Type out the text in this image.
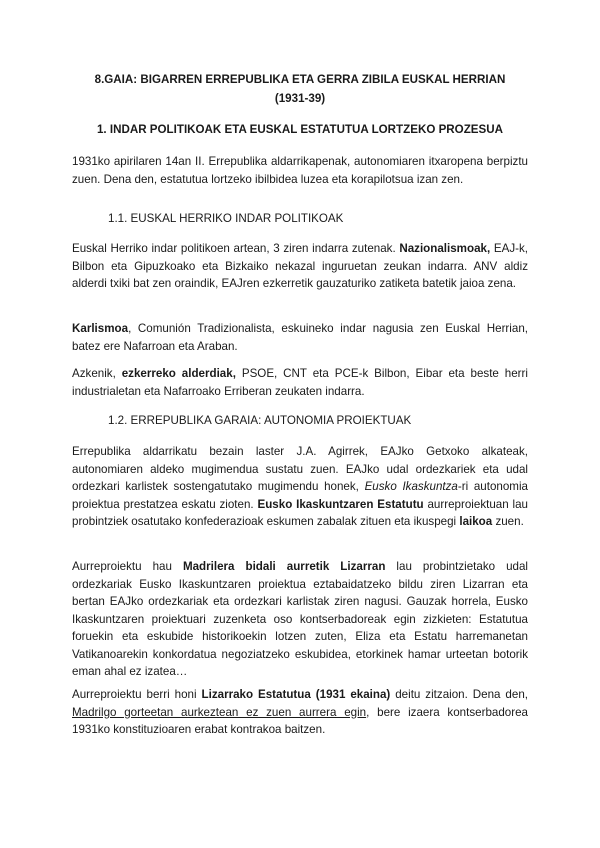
8.GAIA: BIGARREN ERREPUBLIKA ETA GERRA ZIBILA EUSKAL HERRIAN
(1931-39)
1. INDAR POLITIKOAK ETA EUSKAL ESTATUTUA LORTZEKO PROZESUA

1931ko apirilaren 14an II. Errepublika aldarrikapenak, autonomiaren itxaropena berpiztu zuen. Dena den, estatutua lortzeko ibilbidea luzea eta korapilotsua izan zen.

1.1. EUSKAL HERRIKO INDAR POLITIKOAK

Euskal Herriko indar politikoen artean, 3 ziren indarra zutenak. Nazionalismoak, EAJ-k, Bilbon eta Gipuzkoako eta Bizkaiko nekazal inguruetan zeukan indarra. ANV aldiz alderdi txiki bat zen oraindik, EAJren ezkerretik gauzaturiko zatiketa batetik jaioa zena.

Karlismoa, Comunión Tradizionalista, eskuineko indar nagusia zen Euskal Herrian, batez ere Nafarroan eta Araban.

Azkenik, ezkerreko alderdiak, PSOE, CNT eta PCE-k Bilbon, Eibar eta beste herri industrialetan eta Nafarroako Erriberan zeukaten indarra.

1.2. ERREPUBLIKA GARAIA: AUTONOMIA PROIEKTUAK

Errepublika aldarrikatu bezain laster J.A. Agirrek, EAJko Getxoko alkateak, autonomiaren aldeko mugimendua sustatu zuen. EAJko udal ordezkariek eta udal ordezkari karlistek sostengatutako mugimendu honek, Eusko Ikaskuntza-ri autonomia proiektua prestatzea eskatu zioten. Eusko Ikaskuntzaren Estatutu aurreproiektuan lau probintziek osatutako konfederazioak eskumen zabalak zituen eta ikuspegi laikoa zuen.

Aurreproiektu hau Madrilera bidali aurretik Lizarran lau probintzietako udal ordezkariak Eusko Ikaskuntzaren proiektua eztabaidatzeko bildu ziren Lizarran eta bertan EAJko ordezkariak eta ordezkari karlistak ziren nagusi. Gauzak horrela, Eusko Ikaskuntzaren proiektuari zuzenketa oso kontserbadoreak egin zizkieten: Estatutua foruekin eta eskubide historikoekin lotzen zuten, Eliza eta Estatu harremanetan Vatikanoarekin konkordatua negoziatzeko eskubidea, etorkinek hamar urteetan botorik eman ahal ez izatea…

Aurreproiektu berri honi Lizarrako Estatutua (1931 ekaina) deitu zitzaion. Dena den, Madrilgo gorteetan aurkeztean ez zuen aurrera egin, bere izaera kontserbadorea 1931ko konstituzioaren erabat kontrakoa baitzen.
